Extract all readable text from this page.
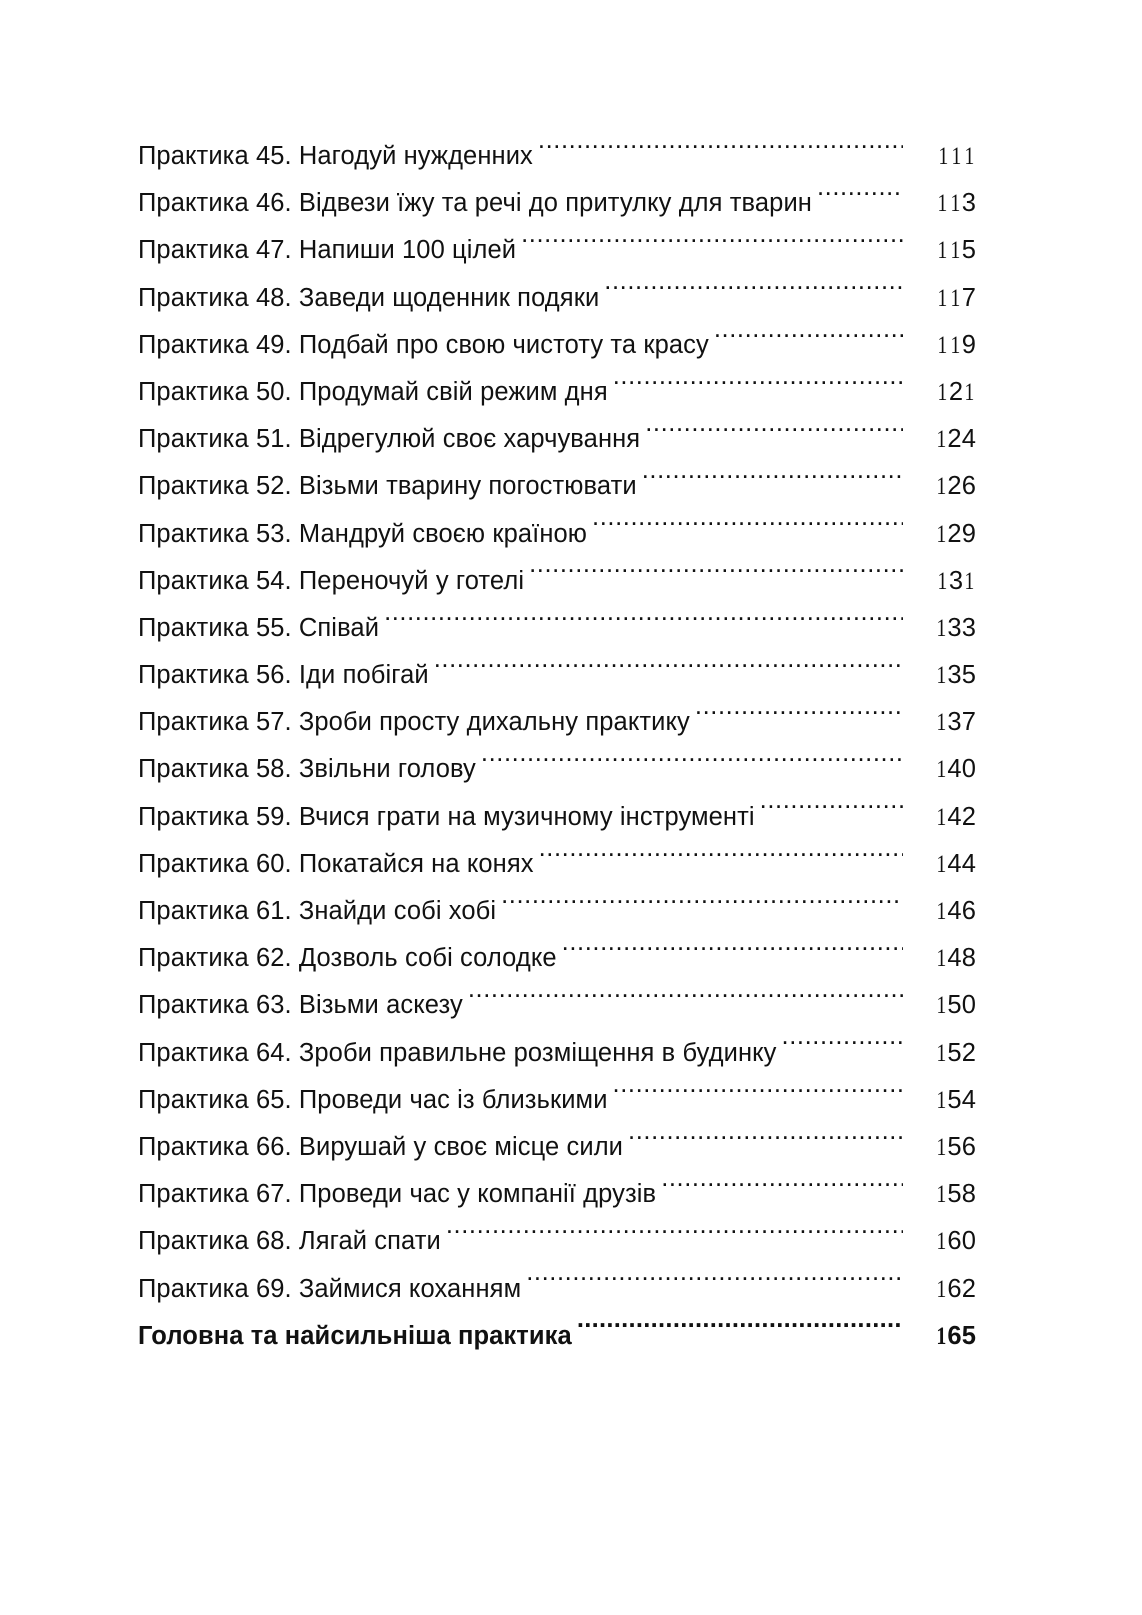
Практика 45. Нагодуй нужденних .....	1 1 1
Практика 46. Відвези їжу та речі до притулку для тварин .....	1 13
Практика 47. Напиши 100 цілей .....	1 15
Практика 48. Заведи щоденник подяки .....	1 17
Практика 49. Подбай про свою чистоту та красу .....	1 19
Практика 50. Продумай свій режим дня .....	121
Практика 51. Відрегулюй своє харчування .....	124
Практика 52. Візьми тварину погостювати .....	126
Практика 53. Мандруй своєю країною .....	129
Практика 54. Переночуй у готелі .....	131
Практика 55. Співай .....	133
Практика 56. Іди побігай .....	135
Практика 57. Зроби просту дихальну практику .....	137
Практика 58. Звільни голову .....	140
Практика 59. Вчися грати на музичному інструменті .....	142
Практика 60. Покатайся на конях .....	144
Практика 61. Знайди собі хобі .....	146
Практика 62. Дозволь собі солодке .....	148
Практика 63. Візьми аскезу .....	150
Практика 64. Зроби правильне розміщення в будинку .....	152
Практика 65. Проведи час із близькими .....	154
Практика 66. Вирушай у своє місце сили .....	156
Практика 67. Проведи час у компанії друзів .....	158
Практика 68. Лягай спати .....	160
Практика 69. Займися коханням .....	162
Головна та найсильніша практика .....	165
